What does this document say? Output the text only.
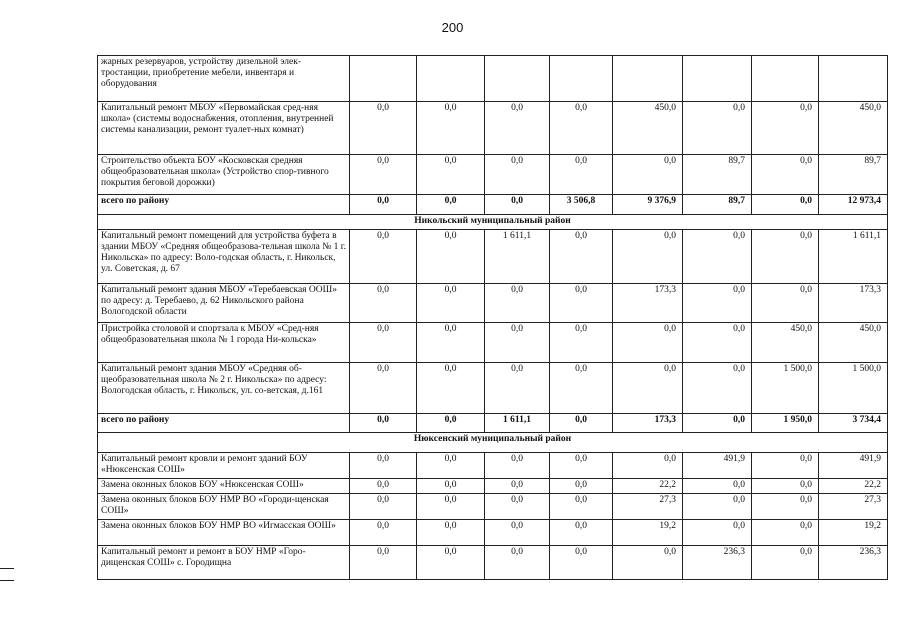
200
жарных резервуаров, устройству дизельной элек-тростанции, приобретение мебели, инвентаря и оборудования								
Капитальный ремонт МБОУ «Первомайская сред-няя школа» (системы водоснабжения, отопления, внутренней системы канализации, ремонт туалет-ных комнат)	0,0	0,0	0,0	0,0	450,0	0,0	0,0	450,0
Строительство объекта БОУ «Косковская средняя общеобразовательная школа» (Устройство спор-тивного покрытия беговой дорожки)	0,0	0,0	0,0	0,0	0,0	89,7	0,0	89,7
всего по району	0,0	0,0	0,0	3 506,8	9 376,9	89,7	0,0	12 973,4
Никольский муниципальный район								
Капитальный ремонт помещений для устройства буфета в здании МБОУ «Средняя общеобразова-тельная школа № 1 г. Никольска» по адресу: Воло-годская область, г. Никольск, ул. Советская, д. 67	0,0	0,0	1 611,1	0,0	0,0	0,0	0,0	1 611,1
Капитальный ремонт здания МБОУ «Теребаевская ООШ» по адресу: д. Теребаево, д. 62 Никольского района Вологодской области	0,0	0,0	0,0	0,0	173,3	0,0	0,0	173,3
Пристройка столовой и спортзала к МБОУ «Сред-няя общеобразовательная школа № 1 города Ни-кольска»	0,0	0,0	0,0	0,0	0,0	0,0	450,0	450,0
Капитальный ремонт здания МБОУ «Средняя об-щеобразовательная школа № 2 г. Никольска» по адресу: Вологодская область, г. Никольск, ул. со-ветская, д.161	0,0	0,0	0,0	0,0	0,0	0,0	1 500,0	1 500,0
всего по району	0,0	0,0	1 611,1	0,0	173,3	0,0	1 950,0	3 734,4
Нюксенский муниципальный район								
Капитальный ремонт кровли и ремонт зданий БОУ «Нюксенская СОШ»	0,0	0,0	0,0	0,0	0,0	491,9	0,0	491,9
Замена оконных блоков БОУ «Нюксенская СОШ»	0,0	0,0	0,0	0,0	22,2	0,0	0,0	22,2
Замена оконных блоков БОУ НМР ВО «Городи-щенская СОШ»	0,0	0,0	0,0	0,0	27,3	0,0	0,0	27,3
Замена оконных блоков БОУ НМР ВО «Игмасская ООШ»	0,0	0,0	0,0	0,0	19,2	0,0	0,0	19,2
Капитальный ремонт и ремонт в БОУ НМР «Горо-дищенская СОШ» с. Городищна	0,0	0,0	0,0	0,0	0,0	236,3	0,0	236,3
